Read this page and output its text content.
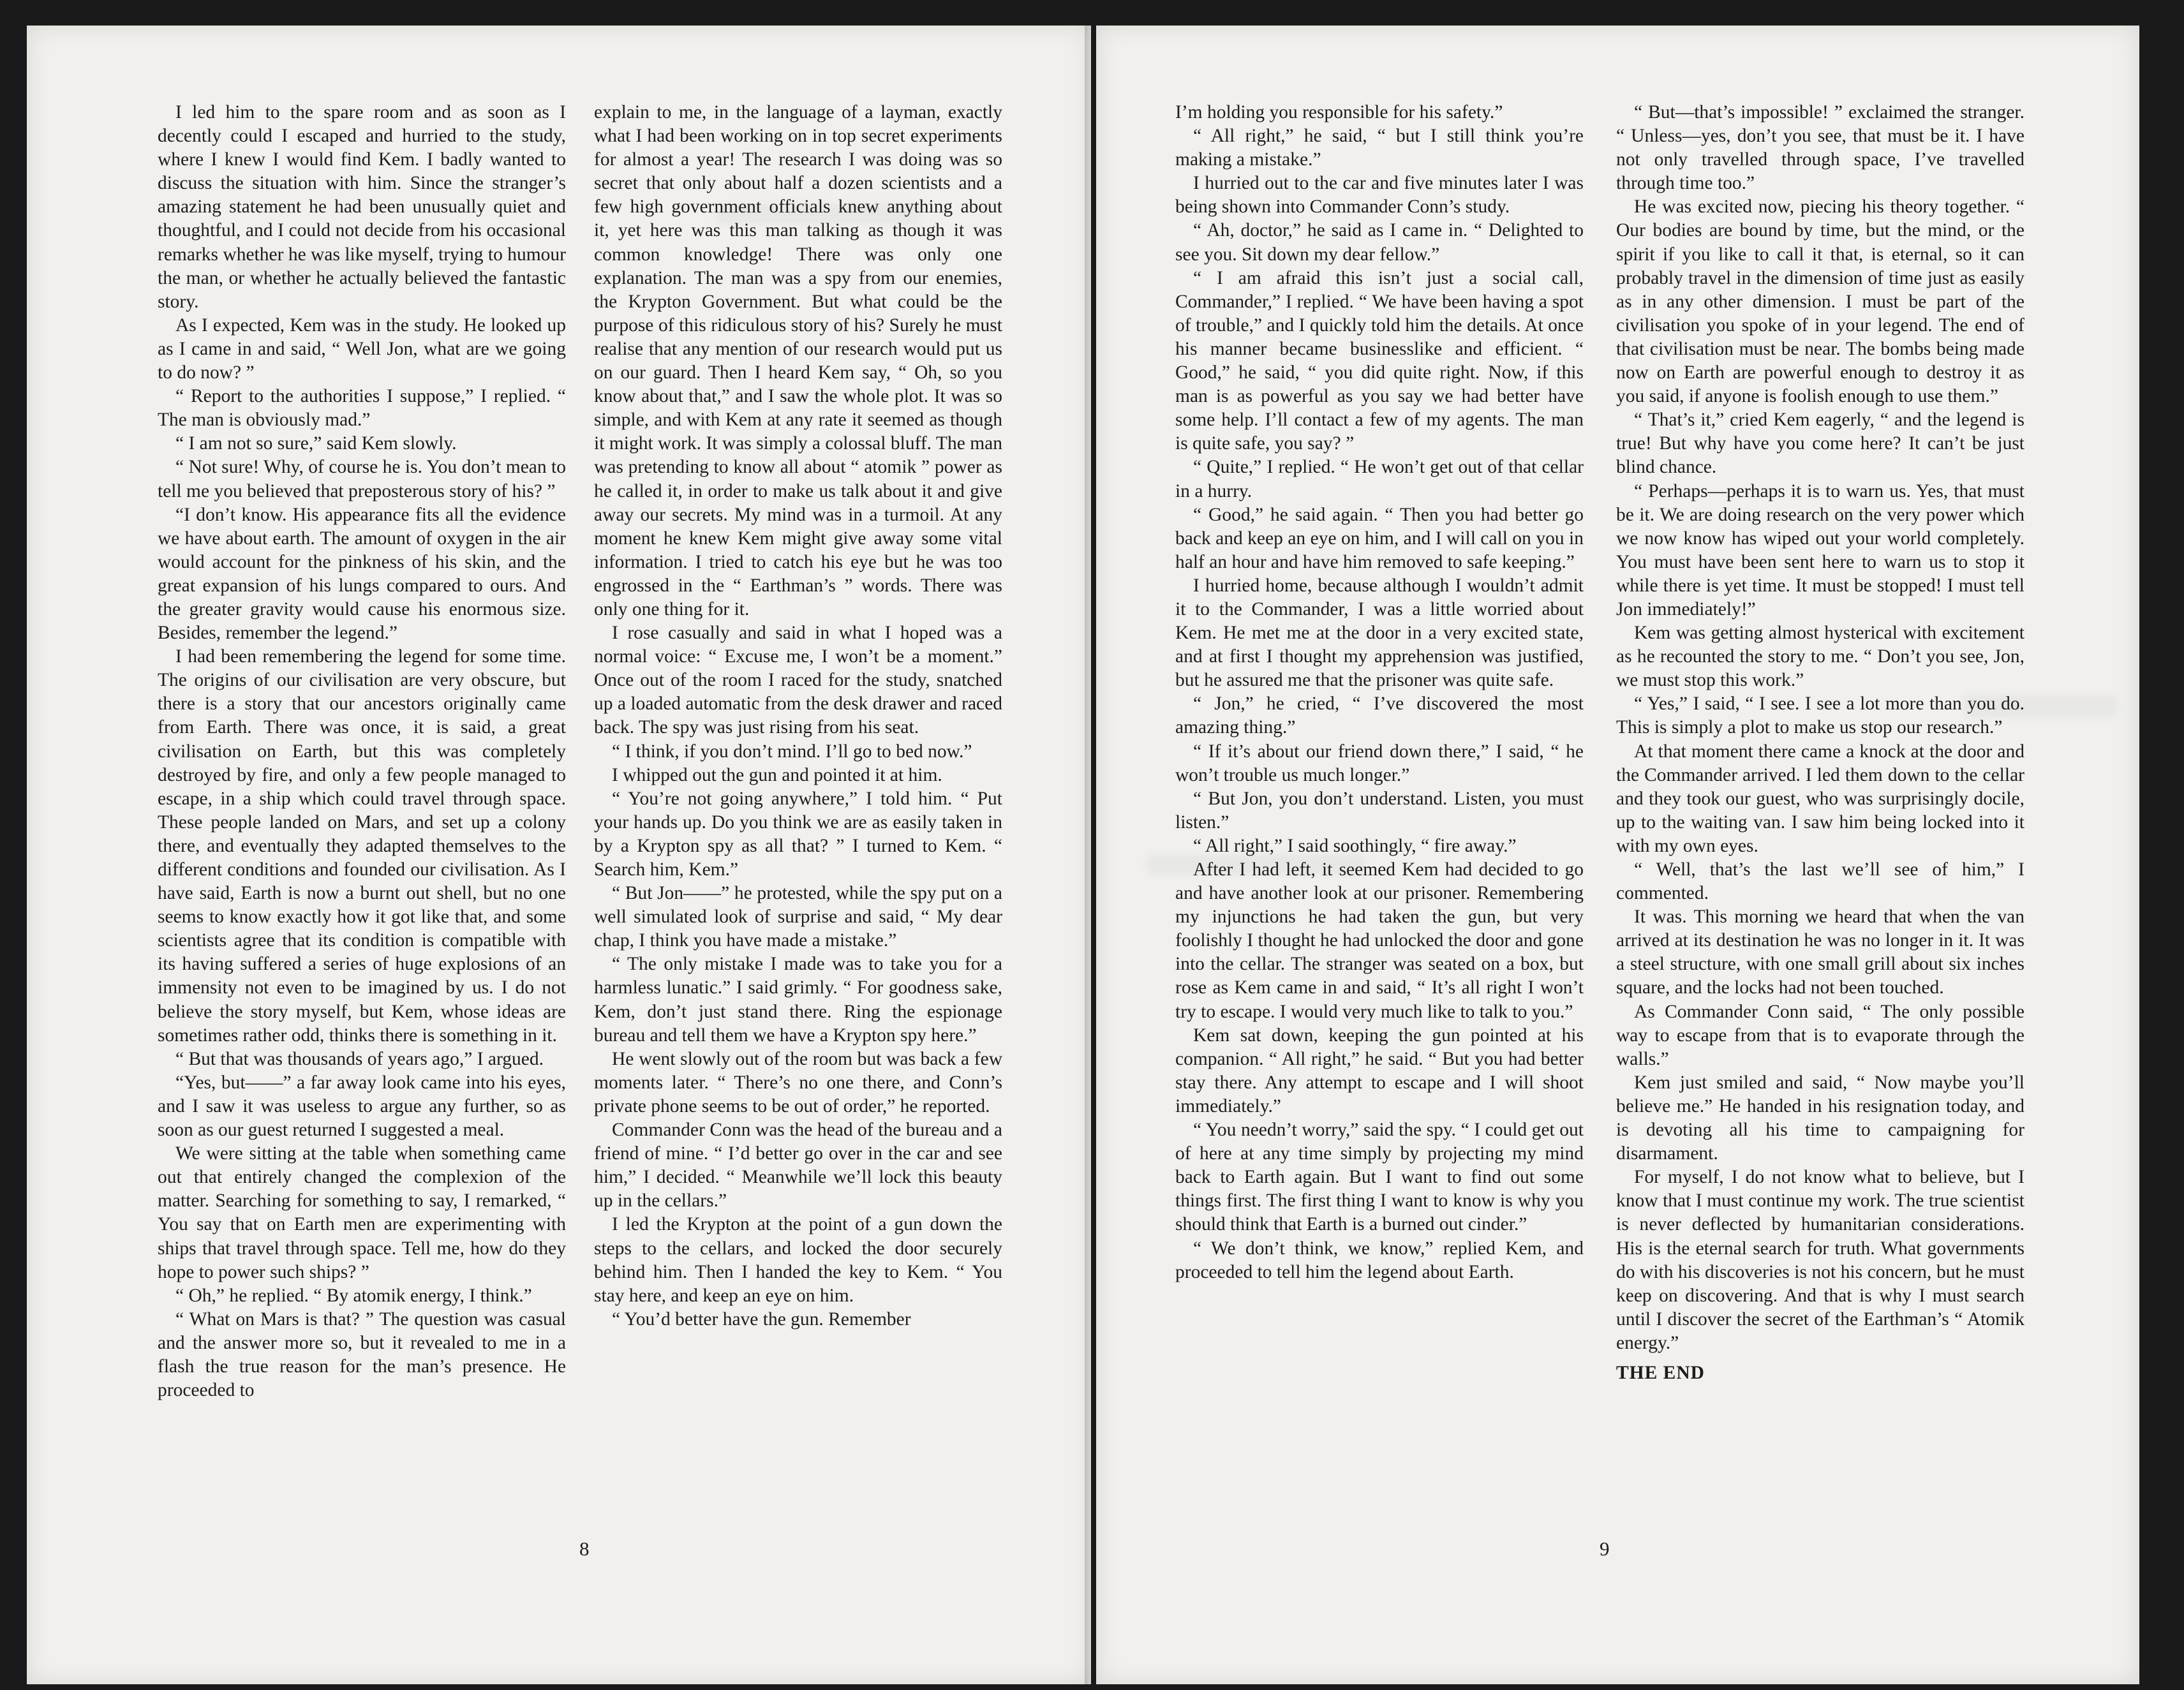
I led him to the spare room and as soon as I decently could I escaped and hurried to the study, where I knew I would find Kem. I badly wanted to discuss the situation with him. Since the stranger’s amazing statement he had been unusually quiet and thoughtful, and I could not decide from his occasional remarks whether he was like myself, trying to humour the man, or whether he actually believed the fantastic story.

As I expected, Kem was in the study. He looked up as I came in and said, “ Well Jon, what are we going to do now? ”

“ Report to the authorities I suppose,” I replied. “ The man is obviously mad.”

“ I am not so sure,” said Kem slowly.

“ Not sure! Why, of course he is. You don’t mean to tell me you believed that preposterous story of his? ”

“I don’t know. His appearance fits all the evidence we have about earth. The amount of oxygen in the air would account for the pinkness of his skin, and the great expansion of his lungs compared to ours. And the greater gravity would cause his enormous size. Besides, remember the legend.”

I had been remembering the legend for some time. The origins of our civilisation are very obscure, but there is a story that our ancestors originally came from Earth. There was once, it is said, a great civilisation on Earth, but this was completely destroyed by fire, and only a few people managed to escape, in a ship which could travel through space. These people landed on Mars, and set up a colony there, and eventually they adapted themselves to the different conditions and founded our civilisation. As I have said, Earth is now a burnt out shell, but no one seems to know exactly how it got like that, and some scientists agree that its condition is compatible with its having suffered a series of huge explosions of an immensity not even to be imagined by us. I do not believe the story myself, but Kem, whose ideas are sometimes rather odd, thinks there is something in it.

“ But that was thousands of years ago,” I argued.

“Yes, but——” a far away look came into his eyes, and I saw it was useless to argue any further, so as soon as our guest returned I suggested a meal.

We were sitting at the table when something came out that entirely changed the complexion of the matter. Searching for something to say, I remarked, “ You say that on Earth men are experimenting with ships that travel through space. Tell me, how do they hope to power such ships? ”

“ Oh,” he replied. “ By atomik energy, I think.”

“ What on Mars is that? ” The question was casual and the answer more so, but it revealed to me in a flash the true reason for the man’s presence. He proceeded to

explain to me, in the language of a layman, exactly what I had been working on in top secret experiments for almost a year! The research I was doing was so secret that only about half a dozen scientists and a few high government officials knew anything about it, yet here was this man talking as though it was common knowledge! There was only one explanation. The man was a spy from our enemies, the Krypton Government. But what could be the purpose of this ridiculous story of his? Surely he must realise that any mention of our research would put us on our guard. Then I heard Kem say, “ Oh, so you know about that,” and I saw the whole plot. It was so simple, and with Kem at any rate it seemed as though it might work. It was simply a colossal bluff. The man was pretending to know all about “ atomik ” power as he called it, in order to make us talk about it and give away our secrets. My mind was in a turmoil. At any moment he knew Kem might give away some vital information. I tried to catch his eye but he was too engrossed in the “ Earthman’s ” words. There was only one thing for it.

I rose casually and said in what I hoped was a normal voice: “ Excuse me, I won’t be a moment.” Once out of the room I raced for the study, snatched up a loaded automatic from the desk drawer and raced back. The spy was just rising from his seat.

“ I think, if you don’t mind. I’ll go to bed now.”

I whipped out the gun and pointed it at him.

“ You’re not going anywhere,” I told him. “ Put your hands up. Do you think we are as easily taken in by a Krypton spy as all that? ” I turned to Kem. “ Search him, Kem.”

“ But Jon——” he protested, while the spy put on a well simulated look of surprise and said, “ My dear chap, I think you have made a mistake.”

“ The only mistake I made was to take you for a harmless lunatic.” I said grimly. “ For goodness sake, Kem, don’t just stand there. Ring the espionage bureau and tell them we have a Krypton spy here.”

He went slowly out of the room but was back a few moments later. “ There’s no one there, and Conn’s private phone seems to be out of order,” he reported.

Commander Conn was the head of the bureau and a friend of mine. “ I’d better go over in the car and see him,” I decided. “ Meanwhile we’ll lock this beauty up in the cellars.”

I led the Krypton at the point of a gun down the steps to the cellars, and locked the door securely behind him. Then I handed the key to Kem. “ You stay here, and keep an eye on him.

“ You’d better have the gun. Remember

8

I’m holding you responsible for his safety.”

“ All right,” he said, “ but I still think you’re making a mistake.”

I hurried out to the car and five minutes later I was being shown into Commander Conn’s study.

“ Ah, doctor,” he said as I came in. “ Delighted to see you. Sit down my dear fellow.”

“ I am afraid this isn’t just a social call, Commander,” I replied. “ We have been having a spot of trouble,” and I quickly told him the details. At once his manner became businesslike and efficient. “ Good,” he said, “ you did quite right. Now, if this man is as powerful as you say we had better have some help. I’ll contact a few of my agents. The man is quite safe, you say? ”

“ Quite,” I replied. “ He won’t get out of that cellar in a hurry.

“ Good,” he said again. “ Then you had better go back and keep an eye on him, and I will call on you in half an hour and have him removed to safe keeping.”

I hurried home, because although I wouldn’t admit it to the Commander, I was a little worried about Kem. He met me at the door in a very excited state, and at first I thought my apprehension was justified, but he assured me that the prisoner was quite safe.

“ Jon,” he cried, “ I’ve discovered the most amazing thing.”

“ If it’s about our friend down there,” I said, “ he won’t trouble us much longer.”

“ But Jon, you don’t understand. Listen, you must listen.”

“ All right,” I said soothingly, “ fire away.”

After I had left, it seemed Kem had decided to go and have another look at our prisoner. Remembering my injunctions he had taken the gun, but very foolishly I thought he had unlocked the door and gone into the cellar. The stranger was seated on a box, but rose as Kem came in and said, “ It’s all right I won’t try to escape. I would very much like to talk to you.”

Kem sat down, keeping the gun pointed at his companion. “ All right,” he said. “ But you had better stay there. Any attempt to escape and I will shoot immediately.”

“ You needn’t worry,” said the spy. “ I could get out of here at any time simply by projecting my mind back to Earth again. But I want to find out some things first. The first thing I want to know is why you should think that Earth is a burned out cinder.”

“ We don’t think, we know,” replied Kem, and proceeded to tell him the legend about Earth.

“ But—that’s impossible! ” exclaimed the stranger. “ Unless—yes, don’t you see, that must be it. I have not only travelled through space, I’ve travelled through time too.”

He was excited now, piecing his theory together. “ Our bodies are bound by time, but the mind, or the spirit if you like to call it that, is eternal, so it can probably travel in the dimension of time just as easily as in any other dimension. I must be part of the civilisation you spoke of in your legend. The end of that civilisation must be near. The bombs being made now on Earth are powerful enough to destroy it as you said, if anyone is foolish enough to use them.”

“ That’s it,” cried Kem eagerly, “ and the legend is true! But why have you come here? It can’t be just blind chance.

“ Perhaps—perhaps it is to warn us. Yes, that must be it. We are doing research on the very power which we now know has wiped out your world completely. You must have been sent here to warn us to stop it while there is yet time. It must be stopped! I must tell Jon immediately!”

Kem was getting almost hysterical with excitement as he recounted the story to me. “ Don’t you see, Jon, we must stop this work.”

“ Yes,” I said, “ I see. I see a lot more than you do. This is simply a plot to make us stop our research.”

At that moment there came a knock at the door and the Commander arrived. I led them down to the cellar and they took our guest, who was surprisingly docile, up to the waiting van. I saw him being locked into it with my own eyes.

“ Well, that’s the last we’ll see of him,” I commented.

It was. This morning we heard that when the van arrived at its destination he was no longer in it. It was a steel structure, with one small grill about six inches square, and the locks had not been touched.

As Commander Conn said, “ The only possible way to escape from that is to evaporate through the walls.”

Kem just smiled and said, “ Now maybe you’ll believe me.” He handed in his resignation today, and is devoting all his time to campaigning for disarmament.

For myself, I do not know what to believe, but I know that I must continue my work. The true scientist is never deflected by humanitarian considerations. His is the eternal search for truth. What governments do with his discoveries is not his concern, but he must keep on discovering. And that is why I must search until I discover the secret of the Earthman’s “ Atomik energy.”

THE END

9
